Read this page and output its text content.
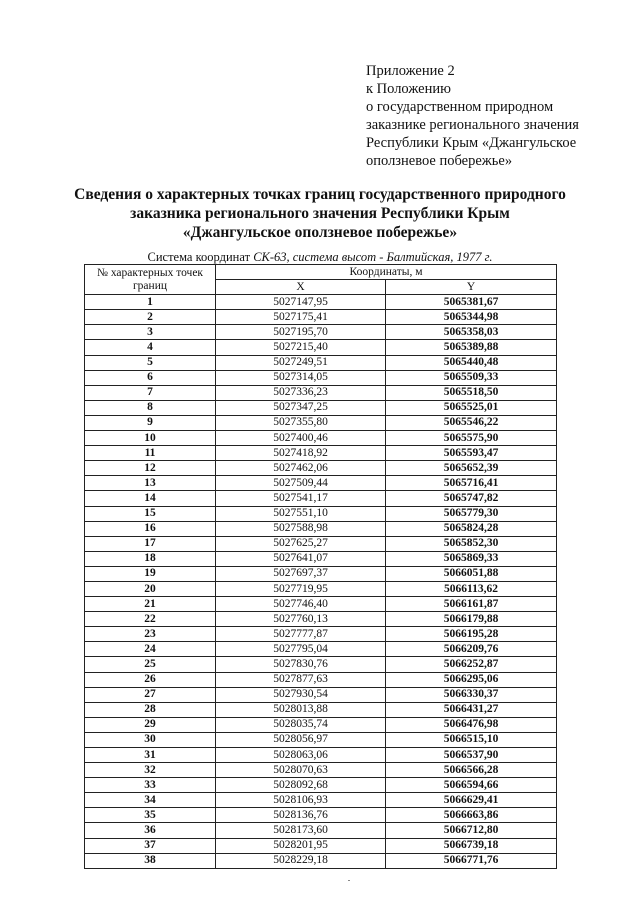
Приложение 2
к Положению
о государственном природном
заказнике регионального значения
Республики Крым «Джангульское
оползневое побережье»
Сведения о характерных точках границ государственного природного
заказника регионального значения Республики Крым
«Джангульское оползневое побережье»
Система координат СК-63, система высот - Балтийская, 1977 г.
№ характерных точек границ	Координаты, м	
	X	Y
1	5027147,95	5065381,67
2	5027175,41	5065344,98
3	5027195,70	5065358,03
4	5027215,40	5065389,88
5	5027249,51	5065440,48
6	5027314,05	5065509,33
7	5027336,23	5065518,50
8	5027347,25	5065525,01
9	5027355,80	5065546,22
10	5027400,46	5065575,90
11	5027418,92	5065593,47
12	5027462,06	5065652,39
13	5027509,44	5065716,41
14	5027541,17	5065747,82
15	5027551,10	5065779,30
16	5027588,98	5065824,28
17	5027625,27	5065852,30
18	5027641,07	5065869,33
19	5027697,37	5066051,88
20	5027719,95	5066113,62
21	5027746,40	5066161,87
22	5027760,13	5066179,88
23	5027777,87	5066195,28
24	5027795,04	5066209,76
25	5027830,76	5066252,87
26	5027877,63	5066295,06
27	5027930,54	5066330,37
28	5028013,88	5066431,27
29	5028035,74	5066476,98
30	5028056,97	5066515,10
31	5028063,06	5066537,90
32	5028070,63	5066566,28
33	5028092,68	5066594,66
34	5028106,93	5066629,41
35	5028136,76	5066663,86
36	5028173,60	5066712,80
37	5028201,95	5066739,18
38	5028229,18	5066771,76
